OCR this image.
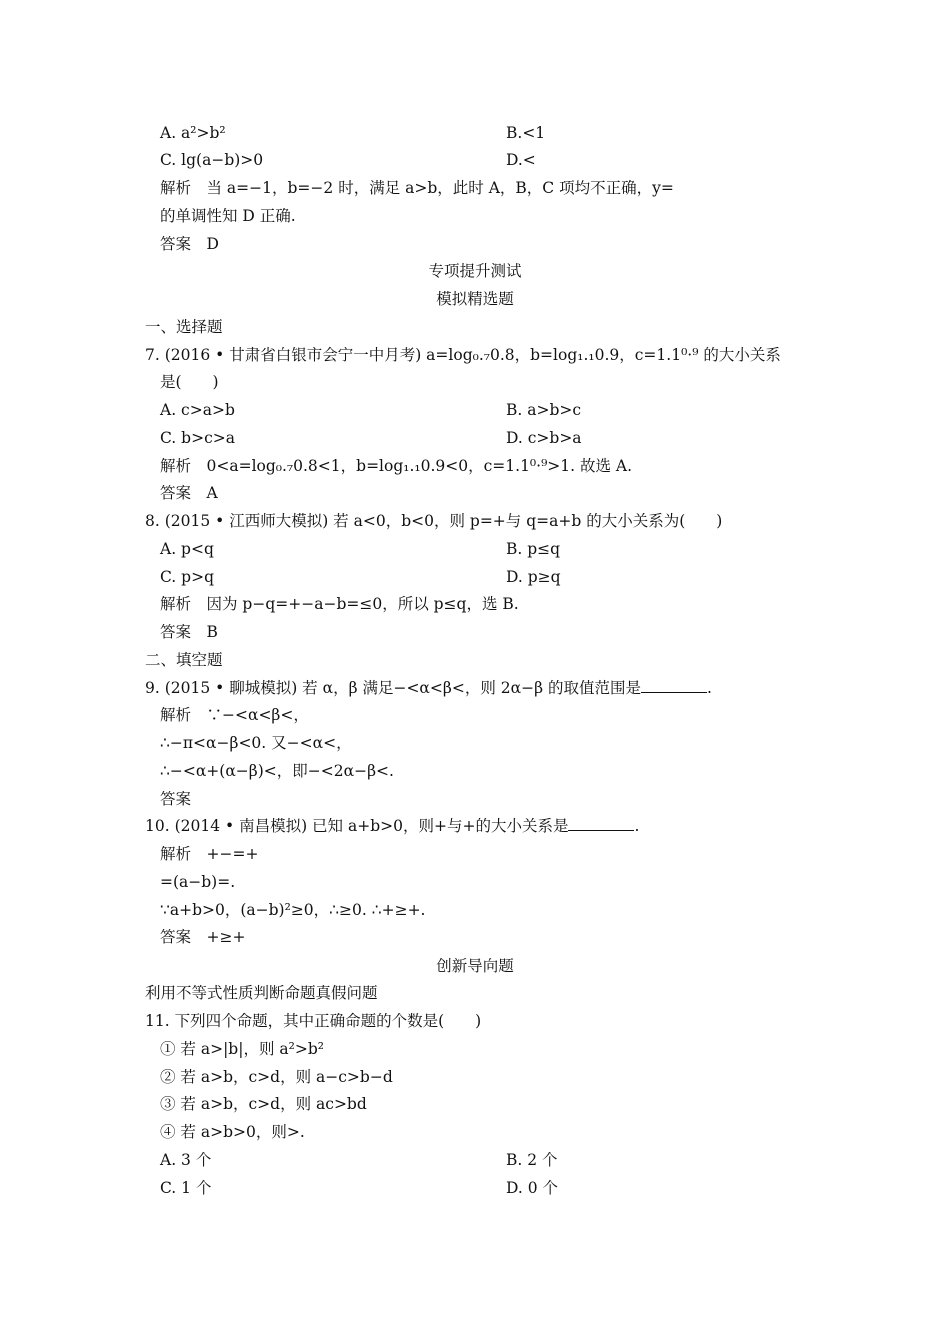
A. a²>b²	B.<1
C. lg(a−b)>0	D.<
解析　当 a=−1，b=−2 时，满足 a>b，此时 A，B，C 项均不正确，y=
的单调性知 D 正确.
答案　D
专项提升测试
模拟精选题
一、选择题
7. (2016 • 甘肃省白银市会宁一中月考) a=log₀.₇0.8，b=log₁.₁0.9，c=1.1⁰·⁹ 的大小关系
是(　　)
A. c>a>b	B. a>b>c
C. b>c>a	D. c>b>a
解析　0<a=log₀.₇0.8<1，b=log₁.₁0.9<0，c=1.1⁰·⁹>1. 故选 A.
答案　A
8. (2015 • 江西师大模拟) 若 a<0，b<0，则 p=+与 q=a+b 的大小关系为(　　)
A. p<q	B. p≤q
C. p>q	D. p≥q
解析　因为 p−q=+−a−b=≤0，所以 p≤q，选 B.
答案　B
二、填空题
9. (2015 • 聊城模拟) 若 α，β 满足−<α<β<，则 2α−β 的取值范围是	.
解析　∵−<α<β<，
∴−π<α−β<0. 又−<α<，
∴−<α+(α−β)<，即−<2α−β<.
答案
10. (2014 • 南昌模拟) 已知 a+b>0，则+与+的大小关系是	.
解析　+−=+
=(a−b)=.
∵a+b>0，(a−b)²≥0，∴≥0. ∴+≥+.
答案　+≥+
创新导向题
利用不等式性质判断命题真假问题
11. 下列四个命题，其中正确命题的个数是(　　)
① 若 a>|b|，则 a²>b²
② 若 a>b，c>d，则 a−c>b−d
③ 若 a>b，c>d，则 ac>bd
④ 若 a>b>0，则>.
A. 3 个	B. 2 个
C. 1 个	D. 0 个
